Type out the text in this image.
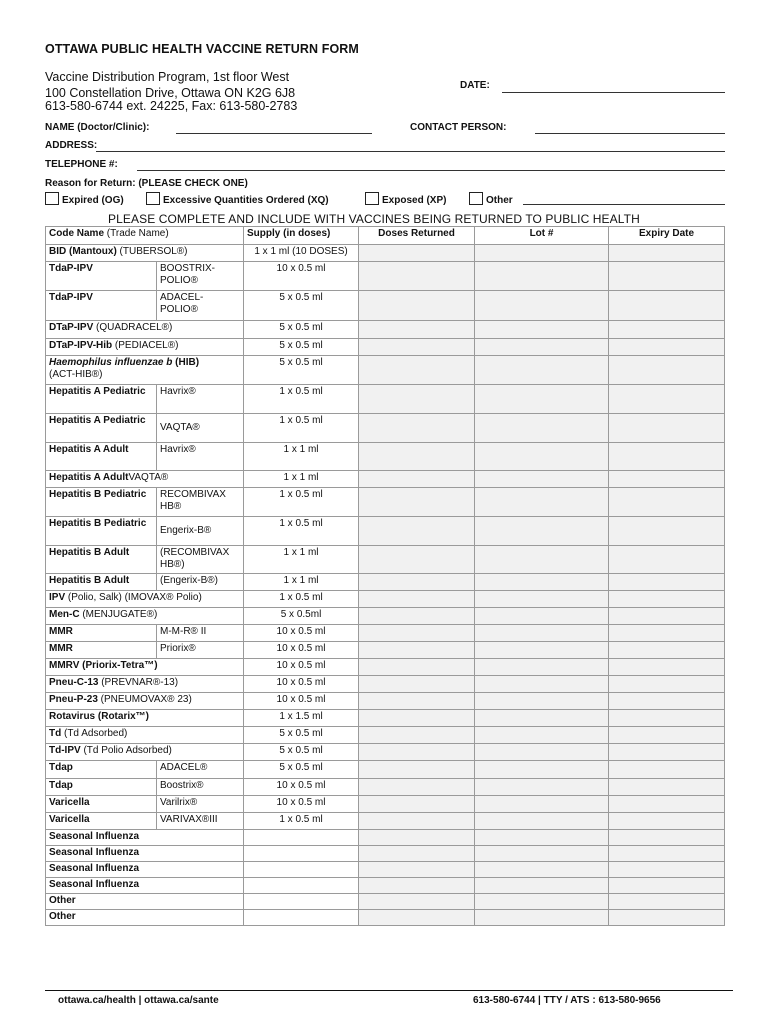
OTTAWA PUBLIC HEALTH VACCINE RETURN FORM
Vaccine Distribution Program, 1st floor West
100 Constellation Drive, Ottawa ON K2G 6J8
613-580-6744 ext. 24225, Fax: 613-580-2783
DATE:
NAME (Doctor/Clinic):	CONTACT PERSON:
ADDRESS:
TELEPHONE #:
Reason for Return: (PLEASE CHECK ONE)
Expired (OG)	Excessive Quantities Ordered (XQ)	Exposed (XP)	Other
PLEASE COMPLETE AND INCLUDE WITH VACCINES BEING RETURNED TO PUBLIC HEALTH
Code Name (Trade Name)		Supply (in doses)	Doses Returned	Lot #	Expiry Date
BID (Mantoux) (TUBERSOL®)		1 x 1 ml (10 DOSES)			
TdaP-IPV	BOOSTRIX-POLIO®	10 x 0.5 ml			
TdaP-IPV	ADACEL-POLIO®	5 x 0.5 ml			
DTaP-IPV (QUADRACEL®)		5 x 0.5 ml			
DTaP-IPV-Hib (PEDIACEL®)		5 x 0.5 ml			
Haemophilus influenzae b (HIB)
(ACT-HIB®)		5 x 0.5 ml			
Hepatitis A Pediatric	Havrix®	1 x 0.5 ml			
Hepatitis A Pediatric	VAQTA®	1 x 0.5 ml			
Hepatitis A Adult	Havrix®	1 x 1 ml			
Hepatitis A AdultVAQTA®		1 x 1 ml			
Hepatitis B Pediatric	RECOMBIVAX HB®	1 x 0.5 ml			
Hepatitis B Pediatric	Engerix-B®	1 x 0.5 ml			
Hepatitis B Adult	(RECOMBIVAX HB®)	1 x 1 ml			
Hepatitis B Adult	(Engerix-B®)	1 x 1 ml			
IPV (Polio, Salk) (IMOVAX® Polio)		1 x 0.5 ml			
Men-C (MENJUGATE®)		5 x 0.5ml			
MMR	M-M-R® II	10 x 0.5 ml			
MMR	Priorix®	10 x 0.5 ml			
MMRV (Priorix-Tetra™)		10 x 0.5 ml			
Pneu-C-13 (PREVNAR®-13)		10 x 0.5 ml			
Pneu-P-23 (PNEUMOVAX® 23)		10 x 0.5 ml			
Rotavirus (Rotarix™)		1 x 1.5 ml			
Td (Td Adsorbed)		5 x 0.5 ml			
Td-IPV (Td Polio Adsorbed)		5 x 0.5 ml			
Tdap	ADACEL®	5 x 0.5 ml			
Tdap	Boostrix®	10 x 0.5 ml			
Varicella	Varilrix®	10 x 0.5 ml			
Varicella	VARIVAX®III	1 x 0.5 ml			
Seasonal Influenza					
Seasonal Influenza					
Seasonal Influenza					
Seasonal Influenza					
Other					
Other					
ottawa.ca/health | ottawa.ca/sante	613-580-6744 | TTY / ATS : 613-580-9656
